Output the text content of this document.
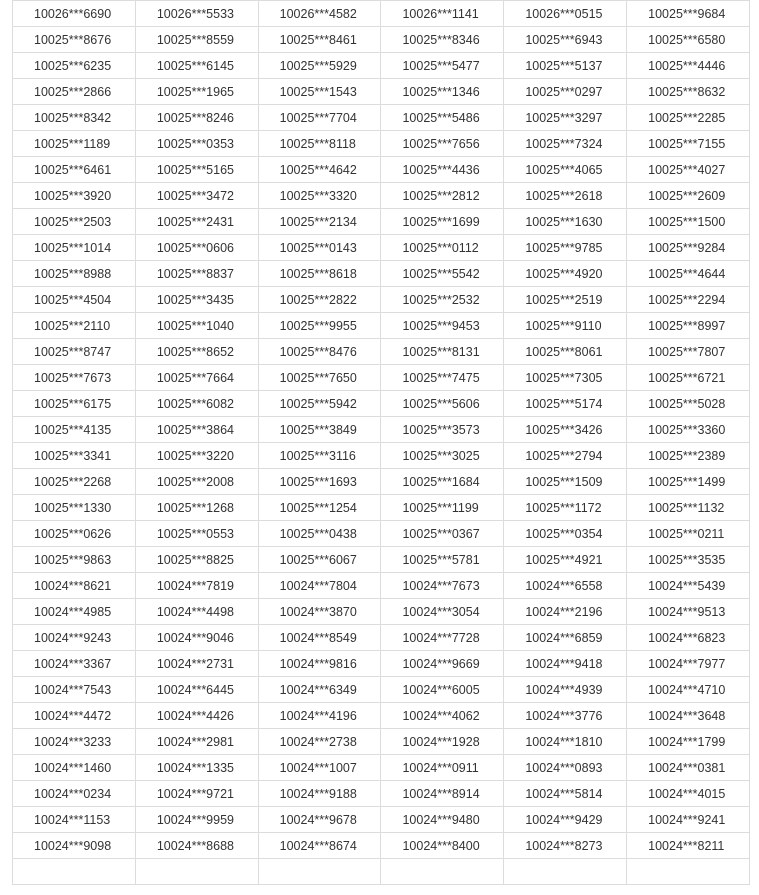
10026***6690	10026***5533	10026***4582	10026***1141	10026***0515	10025***9684
10025***8676	10025***8559	10025***8461	10025***8346	10025***6943	10025***6580
10025***6235	10025***6145	10025***5929	10025***5477	10025***5137	10025***4446
10025***2866	10025***1965	10025***1543	10025***1346	10025***0297	10025***8632
10025***8342	10025***8246	10025***7704	10025***5486	10025***3297	10025***2285
10025***1189	10025***0353	10025***8118	10025***7656	10025***7324	10025***7155
10025***6461	10025***5165	10025***4642	10025***4436	10025***4065	10025***4027
10025***3920	10025***3472	10025***3320	10025***2812	10025***2618	10025***2609
10025***2503	10025***2431	10025***2134	10025***1699	10025***1630	10025***1500
10025***1014	10025***0606	10025***0143	10025***0112	10025***9785	10025***9284
10025***8988	10025***8837	10025***8618	10025***5542	10025***4920	10025***4644
10025***4504	10025***3435	10025***2822	10025***2532	10025***2519	10025***2294
10025***2110	10025***1040	10025***9955	10025***9453	10025***9110	10025***8997
10025***8747	10025***8652	10025***8476	10025***8131	10025***8061	10025***7807
10025***7673	10025***7664	10025***7650	10025***7475	10025***7305	10025***6721
10025***6175	10025***6082	10025***5942	10025***5606	10025***5174	10025***5028
10025***4135	10025***3864	10025***3849	10025***3573	10025***3426	10025***3360
10025***3341	10025***3220	10025***3116	10025***3025	10025***2794	10025***2389
10025***2268	10025***2008	10025***1693	10025***1684	10025***1509	10025***1499
10025***1330	10025***1268	10025***1254	10025***1199	10025***1172	10025***1132
10025***0626	10025***0553	10025***0438	10025***0367	10025***0354	10025***0211
10025***9863	10025***8825	10025***6067	10025***5781	10025***4921	10025***3535
10024***8621	10024***7819	10024***7804	10024***7673	10024***6558	10024***5439
10024***4985	10024***4498	10024***3870	10024***3054	10024***2196	10024***9513
10024***9243	10024***9046	10024***8549	10024***7728	10024***6859	10024***6823
10024***3367	10024***2731	10024***9816	10024***9669	10024***9418	10024***7977
10024***7543	10024***6445	10024***6349	10024***6005	10024***4939	10024***4710
10024***4472	10024***4426	10024***4196	10024***4062	10024***3776	10024***3648
10024***3233	10024***2981	10024***2738	10024***1928	10024***1810	10024***1799
10024***1460	10024***1335	10024***1007	10024***0911	10024***0893	10024***0381
10024***0234	10024***9721	10024***9188	10024***8914	10024***5814	10024***4015
10024***1153	10024***9959	10024***9678	10024***9480	10024***9429	10024***9241
10024***9098	10024***8688	10024***8674	10024***8400	10024***8273	10024***8211
